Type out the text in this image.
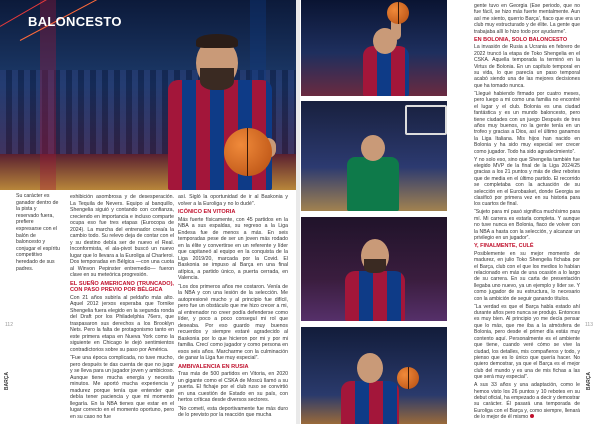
BALONCESTO
Su carácter es ganador dentro de la pista y reservado fuera, prefiere expresarse con el balón de baloncesto y conjugar el espíritu competitivo heredado de sus padres.

exhibición asombrosa y de desesperación. La Tequila de Nevers. Equipo al banquillo, Shengelia siguió y contando con confianza, creciendo en importancia e incluso comparte ocupa eso fue tres etapas (Eurocopa de 2024). La marcha del entrenador crea/a la cambio todo. Su relevo deja de contar con el y su destino debía ser de nuevo el Real. Inconformista, el ala-pivot buscó un nuevo lugar que lo llevara a la Euroliga al Charleroi. Dos temporadas en Bélgica —con una cuota al Winvon Pepinster entremedio— fueron clave en su meteórica progresión.

EL SUEÑO AMERICANO (TRUNCADO), CON PASO PREVIO POR BÉLGICA

Con 21 años subiría al peldaño más alto. Aquel 2012 jerxos esperaba que Tornike Shengelia fuera elegido en la segunda ronda del Draft por los Philadelphia 76ers, que traspasaron sus derechos a los Brooklyn Nets. Pero la falta de protagonismo tanto en este primera etapa en Nueva York como la siguiente en Chicago le dejó sentimientos contradictorios sobre su paso por América.

“Fue una época complicada, no tuve mucho, pero después te das cuenta de que no jugar y se lleva para un jugador joven y ambicioso. Aunque tiene mucha energía y necesita minutos. Me aportó mucha experiencia y madurez porque tenía que entender que debía tener paciencia y que mi momento llegaría. En la NBA tienes que estar en el lugar correcto en el momento oportuno, pero en su caso no fue

así. Sigló la oportunidad de ir al Baskonia y volver a la Euroliga y no lo dudé”.

ICÓNICO EN VITORIA

Más fuerte físicamente, con 45 partidos en la NBA a sus espaldas, su regreso a la Liga Endesa fue de menos a más. En seis temporadas pese de ser un joven más rodado en la élite y convertirse en un referente y líder que capitaneó al equipo en la conquista de la Liga 2019/20, marcada por la Covid. El Baskonia se impuso al Barça en una final atípica, a partido único, a puerta cerrada, en Valencia.

“Los dos primeros años me costaron. Venía de la NBA y con una lesión de la selección. Me autopresioné mucho y al principio fue difícil, pero fue un obstáculo que me hizo crecer a mi, al entrenador no creer podía defenderse como líder, y poco a poco conseguí mi rol que deseaba. Por eso guardo muy buenos recuerdos y siempre estaré agradecido al Baskonia por lo que hicieron por mi y por mi familia. Crecí como jugador y como persona en esos seis años. Marcharme con la culminación de ganar la Liga fue muy especial”.

AMBIVALENCIA EN RUSIA

Tras más de 500 partidos en Vitoria, en 2020 un gigante como el CSKA de Moscú llamó a su puerta. El fichaje por el club ruso se convirtió en una cuestión de Estado en su país, con hertos críticas desde diversos sectores.

“No cometí, esta deportivamente fue más duro de lo previsto por la reacción que mucha

112
BARÇA

gente tuvo en Georgia (Ese periodo, que no fue fácil, se hizo más fuerte mentalmente. Aun así me siento, querrio Barça’, fiaco que era un club muy estructurado y de élite. La gente que trabajaba allí lo hizo todo por ayudarme”.

EN BOLONIA, SOLO BALONCESTO

La invasión de Rusia a Ucrania en febrero de 2022 truncó la etapa de Toko Shengelia en el CSKA. Aquella temporada la terminó en la Virtus de Bolonia. En un capítulo temporal en su vida, lo que parecía un paso temporal acabó siendo una de las mejores decisiones que ha tomado nunca.

“Llegué habiendo firmado por cuatro meses, pero luego a mi como una familia no encontré el lugar y el club. Bolonia es una ciudad fantástica y es un mundo baloncesto, pero tiene ciudades con un juego Después de tres años muy buenos, no la gente tenía en un trofeo y gracias a Dios, así el último ganamos la Liga Italiana. Mis hijos han nacido en Bolonia y ha sido muy especial ver crecer como jugador. Todo ha sido agradecimiento”.

Y no solo eso, sino que Shengelia también fue elegido MVP de la final de la Liga 2024/25 gracias a los 21 puntos y más de diez rebotes que de media en el último partido. El recorrido se completaba con la actuación de su selección en el Eurobasket, donde Georgia se clasificó por primera vez en su historia para los cuartos de final.

“Sujeto para mí pasó significa muchísimo para mí. Mi carrera es estarla completa. Y aunque no tuve nunca en Bolonia, fiaco de volver con la NBA a hasta con la selección, y alcanzar un privilegio en un jugador”.

Y, FINALMENTE, CULÉ

Posiblemente en su mejor momento de madurez, en julio Toko Shengelia fichaba por el Barça, club con el que los medios lo habían relacionado en más de una ocasión a lo largo de su carrera. En su carta de presentación llegaba uno nuevo, ya un ejemplo y líder se. Y como jugador de su estructura, lo necesario con la ambición de seguir ganando títulos.

“La verdad es que el Barça habla estado ahí durante años pero nunca se produjo. Entonces es muy bien. Al principio yo me decía pensar que lo más, que me iba a la atmósfera de Bolonia, pero desde el primer día estás muy contento aquí. Personalmente es el ambiente que tiene, cuando veré cómo se vive la ciudad, los detalles, mis compañeros y todo, y pienso que es lo único que quería hacer. No quiero demostrar, ya que el Barça es el mejor club del mundo y es una de mis fichas a las que será muy especial”.

A sus 33 años y una adaptación, como le hemos visto los 26 puntos y 10 rebotes en su debut oficial, ha empezado a decir y demostrar su carácter. Él pasará una temporada de Euroliga con el Barça y, como siempre, llenará de lo mejor de él mismo

113
BARÇA
